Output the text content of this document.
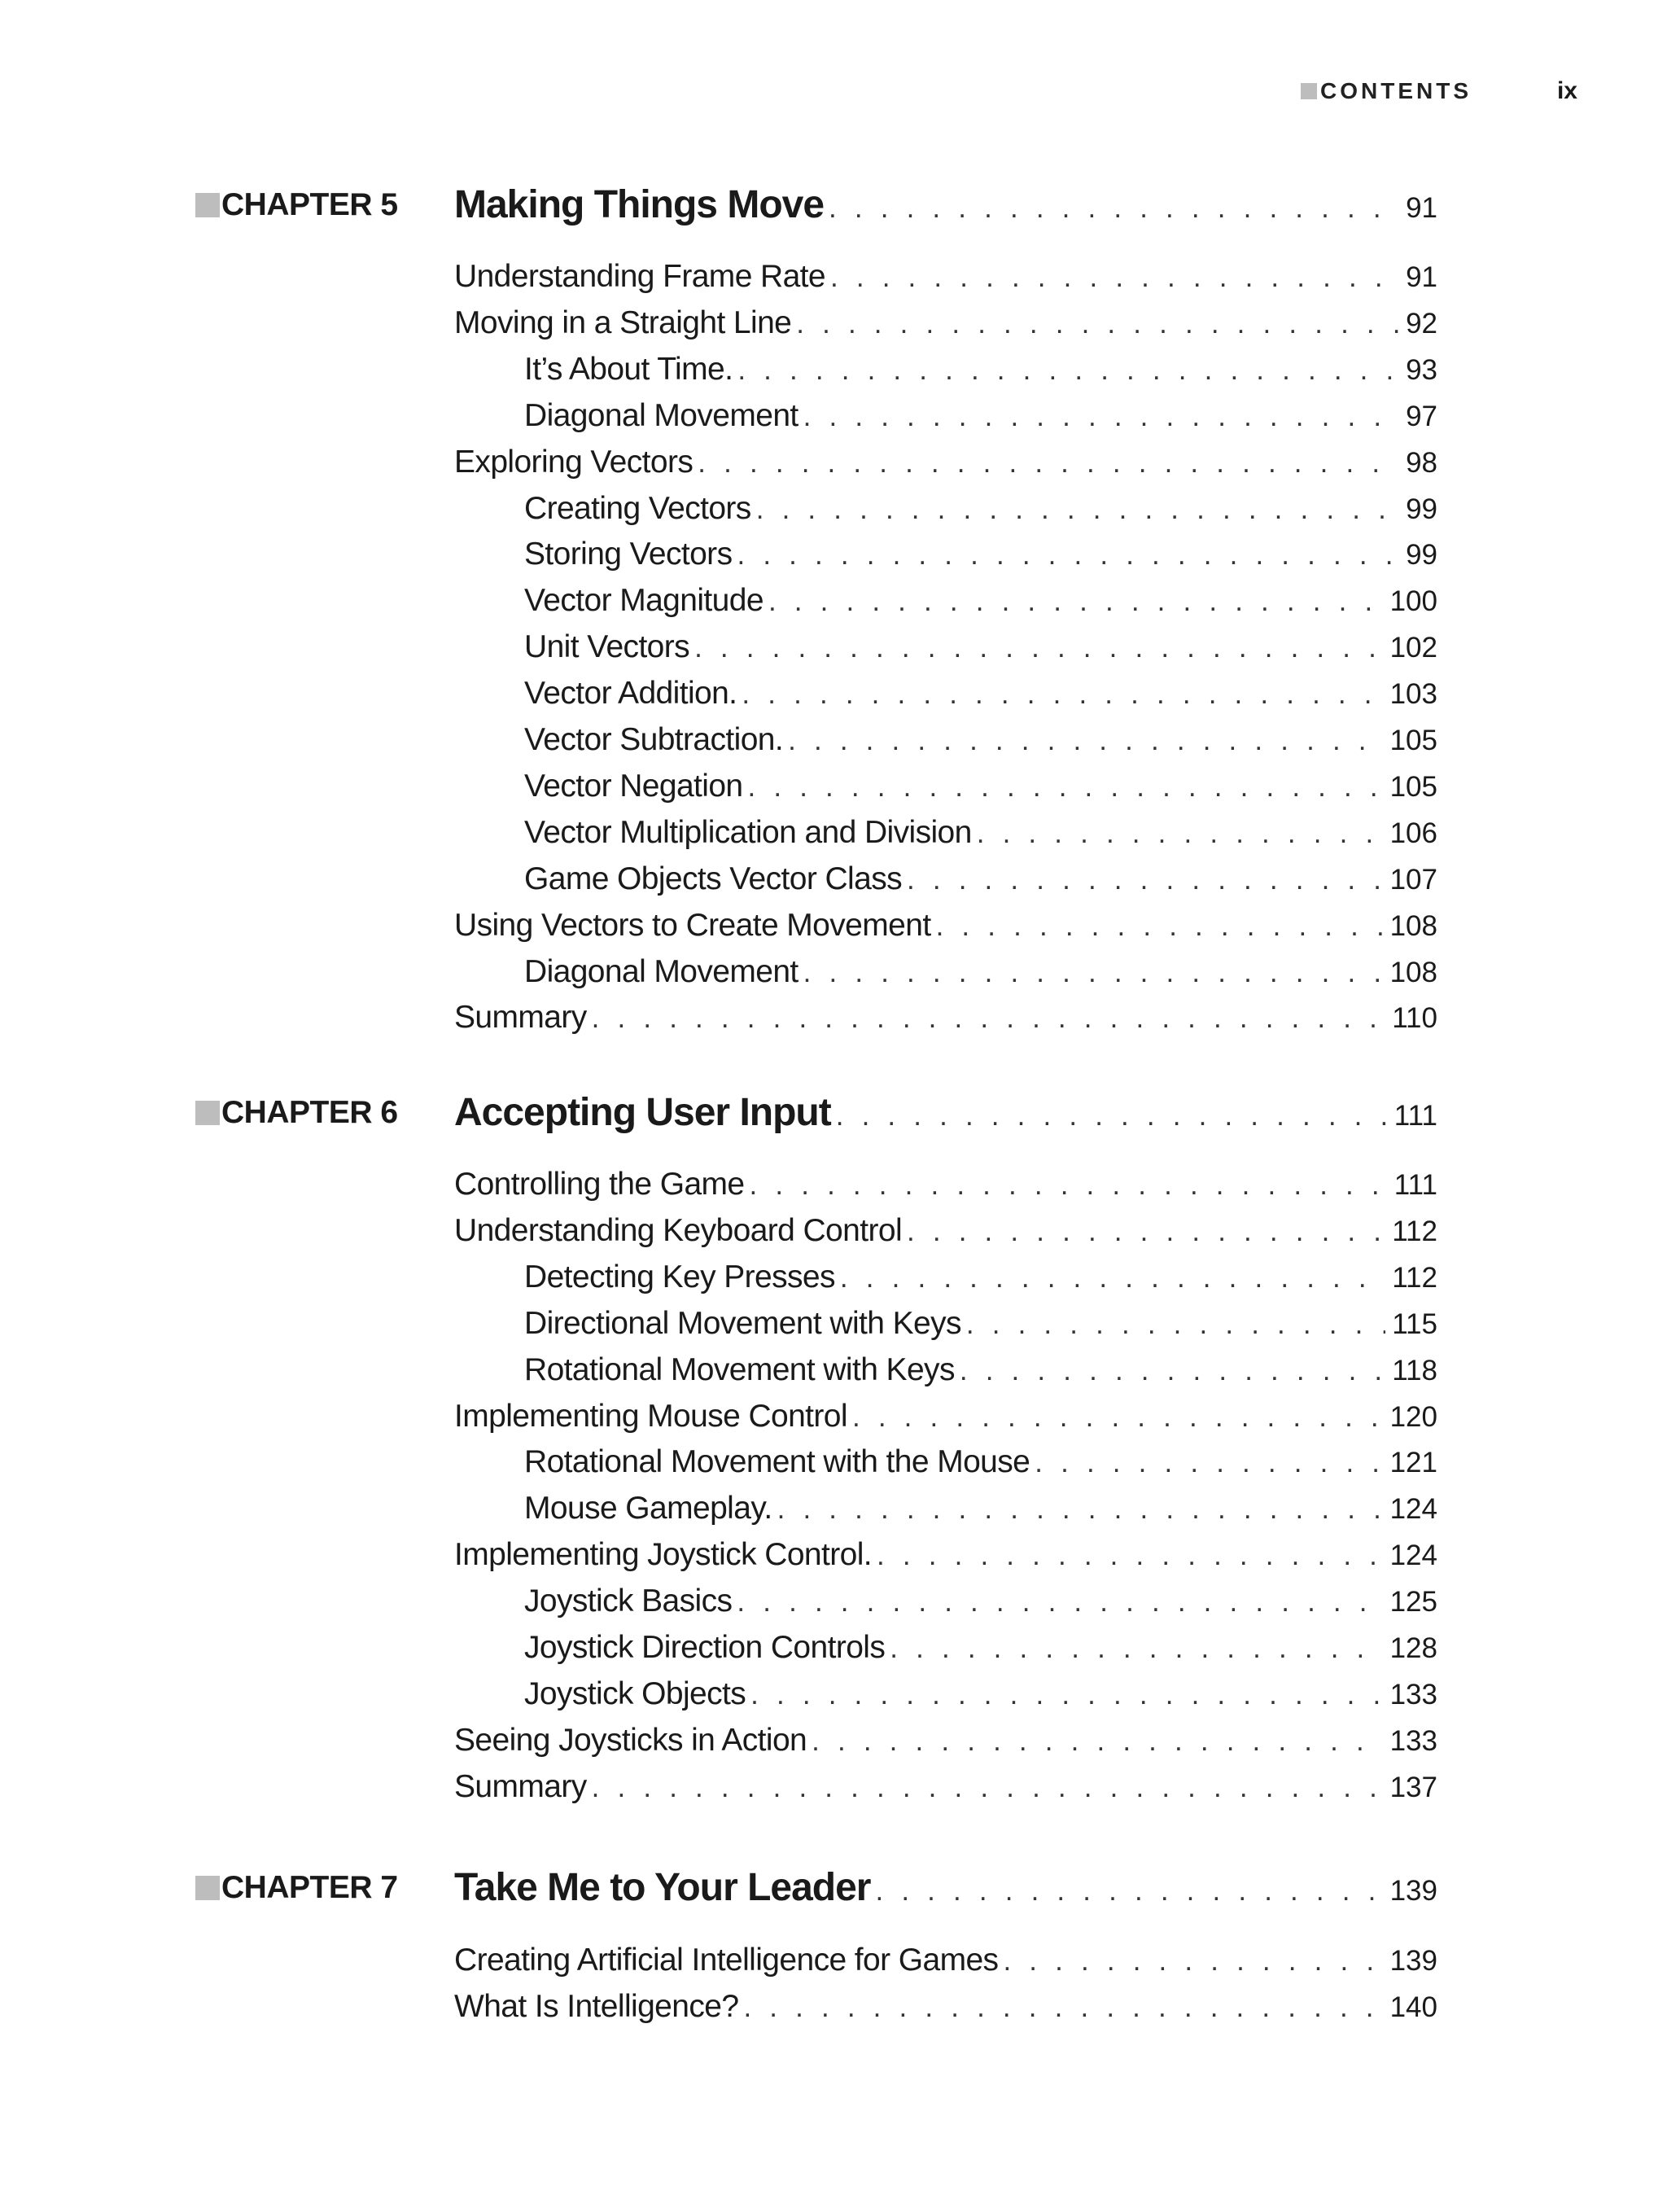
CONTENTS	ix
CHAPTER 5 Making Things Move . . .	91
Understanding Frame Rate . . .	91
Moving in a Straight Line . . .	92
It’s About Time. . . .	93
Diagonal Movement . . .	97
Exploring Vectors . . .	98
Creating Vectors . . .	99
Storing Vectors . . .	99
Vector Magnitude . . .	100
Unit Vectors . . .	102
Vector Addition. . . .	103
Vector Subtraction. . . .	105
Vector Negation . . .	105
Vector Multiplication and Division . . .	106
Game Objects Vector Class . . .	107
Using Vectors to Create Movement . . .	108
Diagonal Movement . . .	108
Summary . . .	110
CHAPTER 6 Accepting User Input . . .	111
Controlling the Game . . .	111
Understanding Keyboard Control . . .	112
Detecting Key Presses . . .	112
Directional Movement with Keys . . .	115
Rotational Movement with Keys . . .	118
Implementing Mouse Control . . .	120
Rotational Movement with the Mouse . . .	121
Mouse Gameplay. . . .	124
Implementing Joystick Control. . . .	124
Joystick Basics . . .	125
Joystick Direction Controls . . .	128
Joystick Objects . . .	133
Seeing Joysticks in Action . . .	133
Summary . . .	137
CHAPTER 7 Take Me to Your Leader . . .	139
Creating Artificial Intelligence for Games . . .	139
What Is Intelligence? . . .	140
